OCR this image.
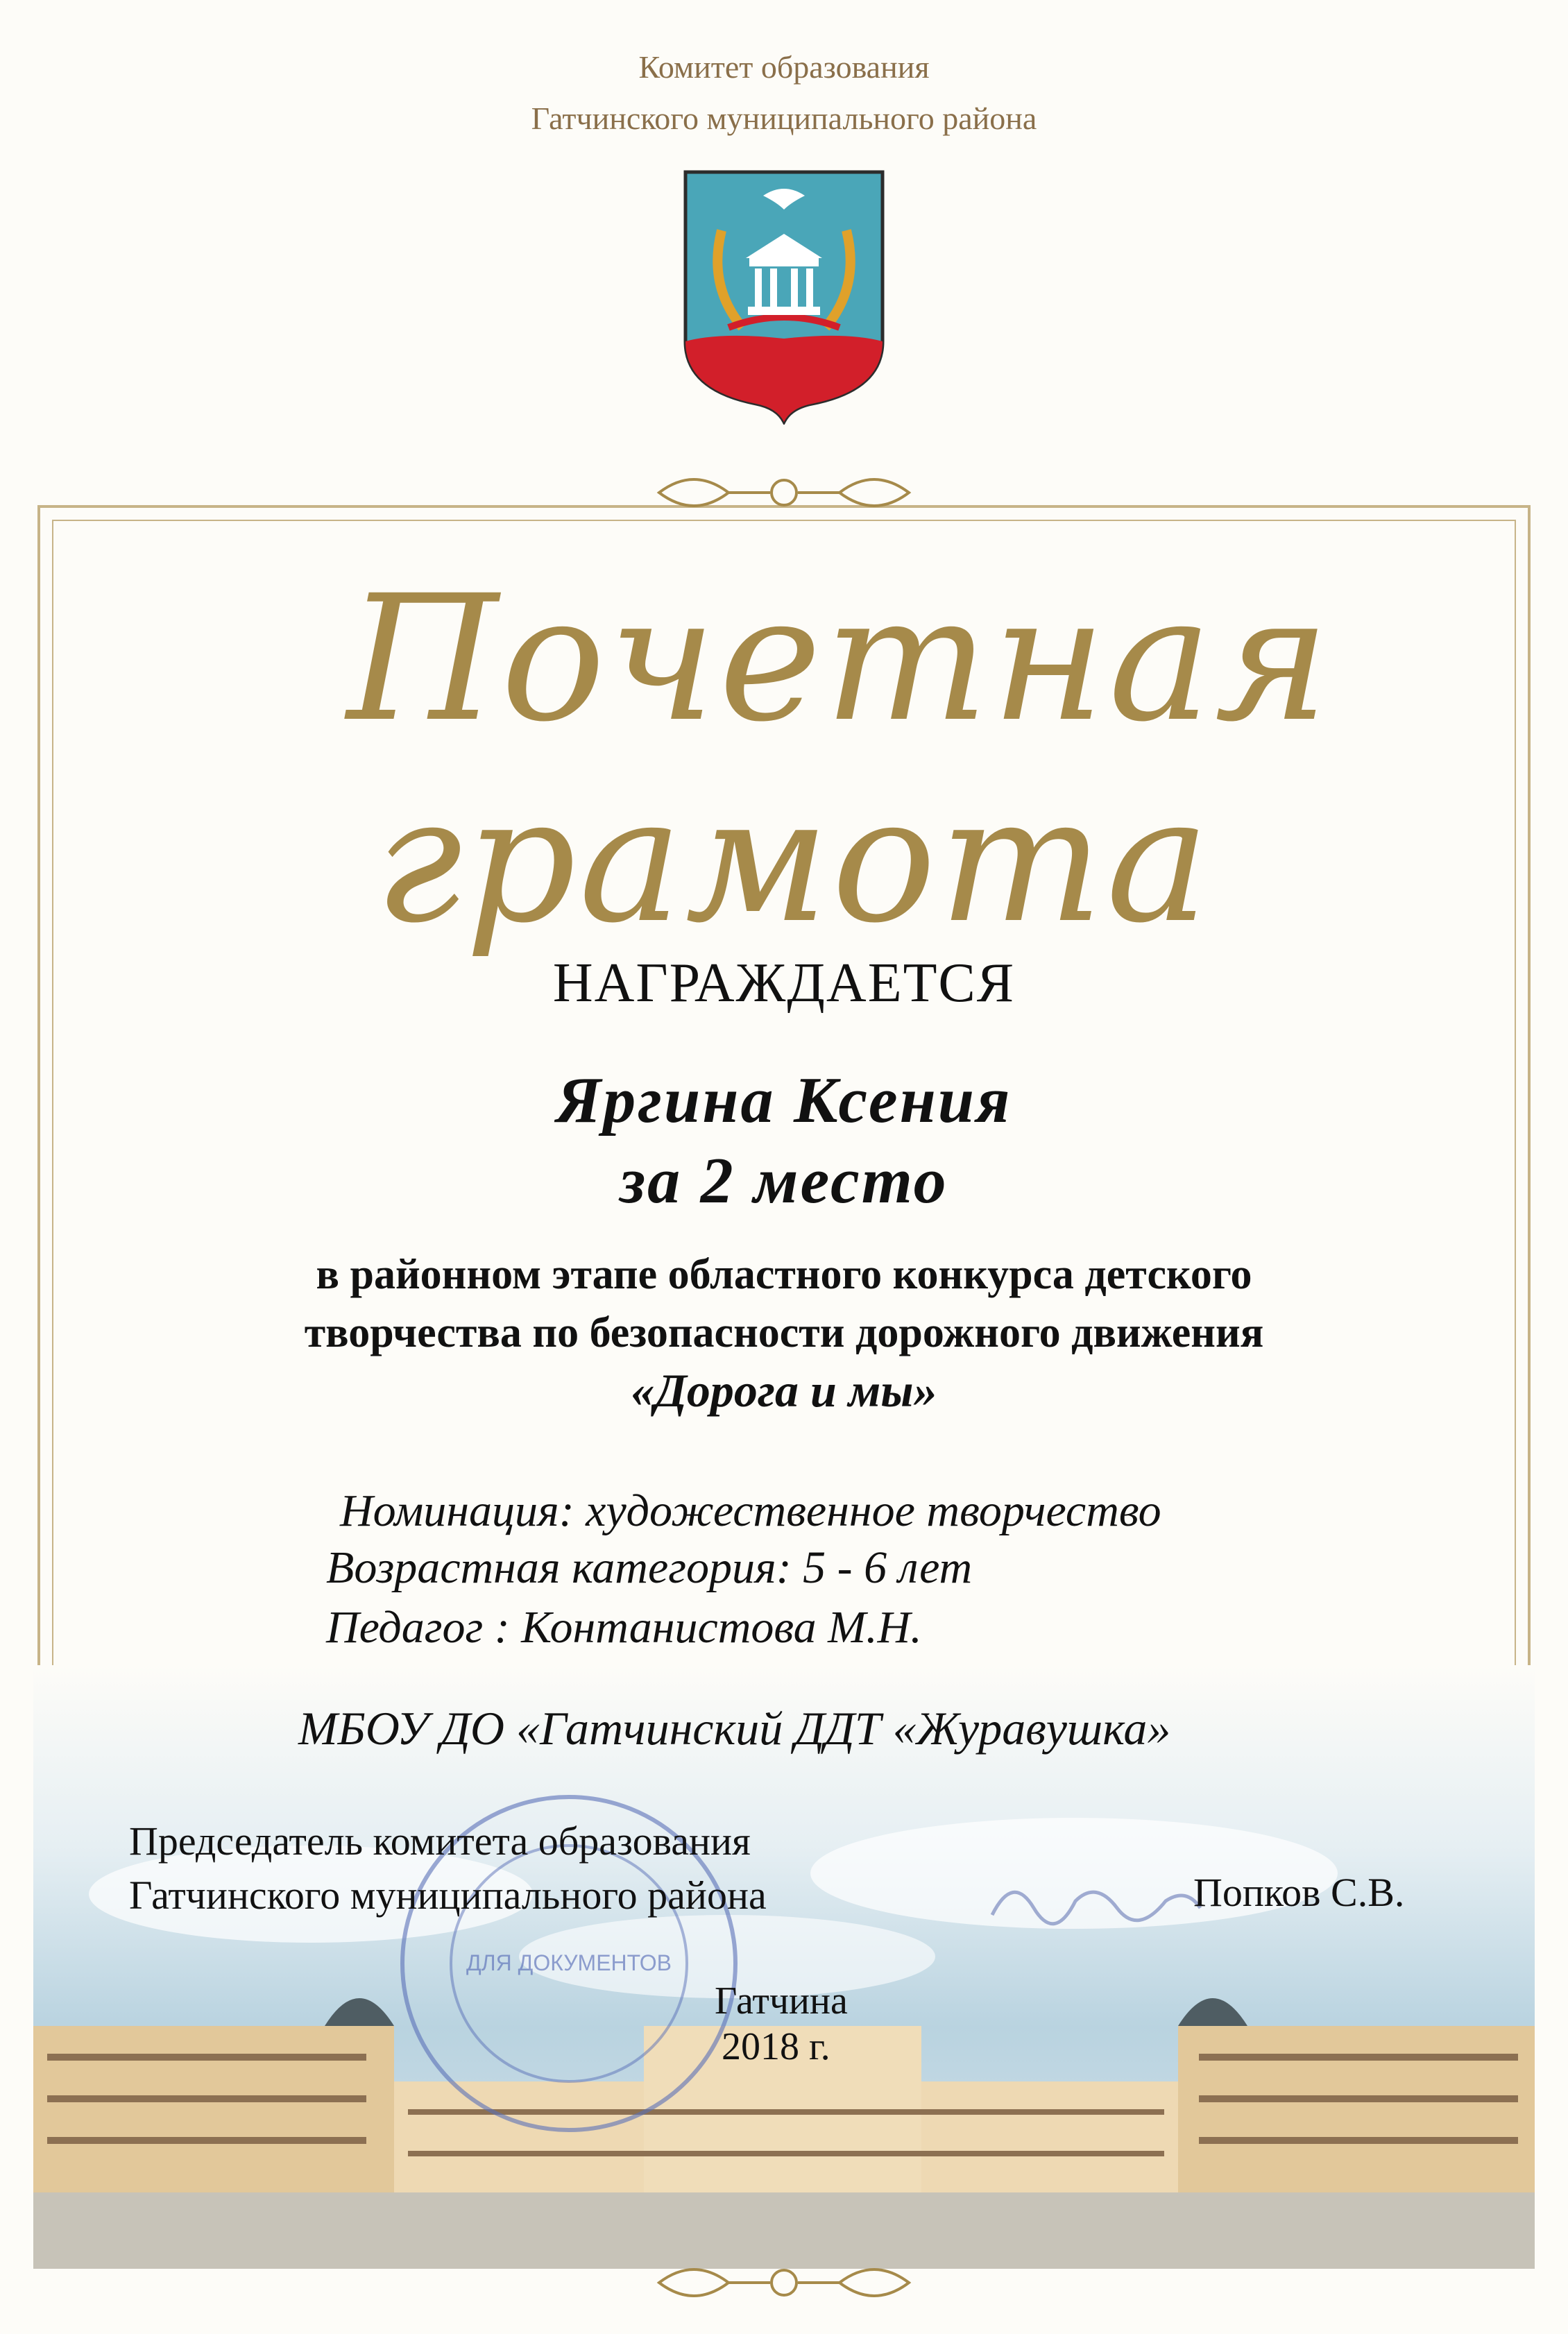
Комитет образования
Гатчинского муниципального района
Почетная
грамота
НАГРАЖДАЕТСЯ
Яргина Ксения
за 2 место
в районном этапе областного конкурса детского
творчества по безопасности дорожного движения
«Дорога и мы»
Номинация: художественное творчество
Возрастная категория: 5 - 6 лет
Педагог : Контанистова М.Н.
МБОУ ДО «Гатчинский ДДТ «Журавушка»
ДЛЯ ДОКУМЕНТОВ
Председатель комитета образования
Гатчинского муниципального района	Попков С.В.
Гатчина
2018 г.
